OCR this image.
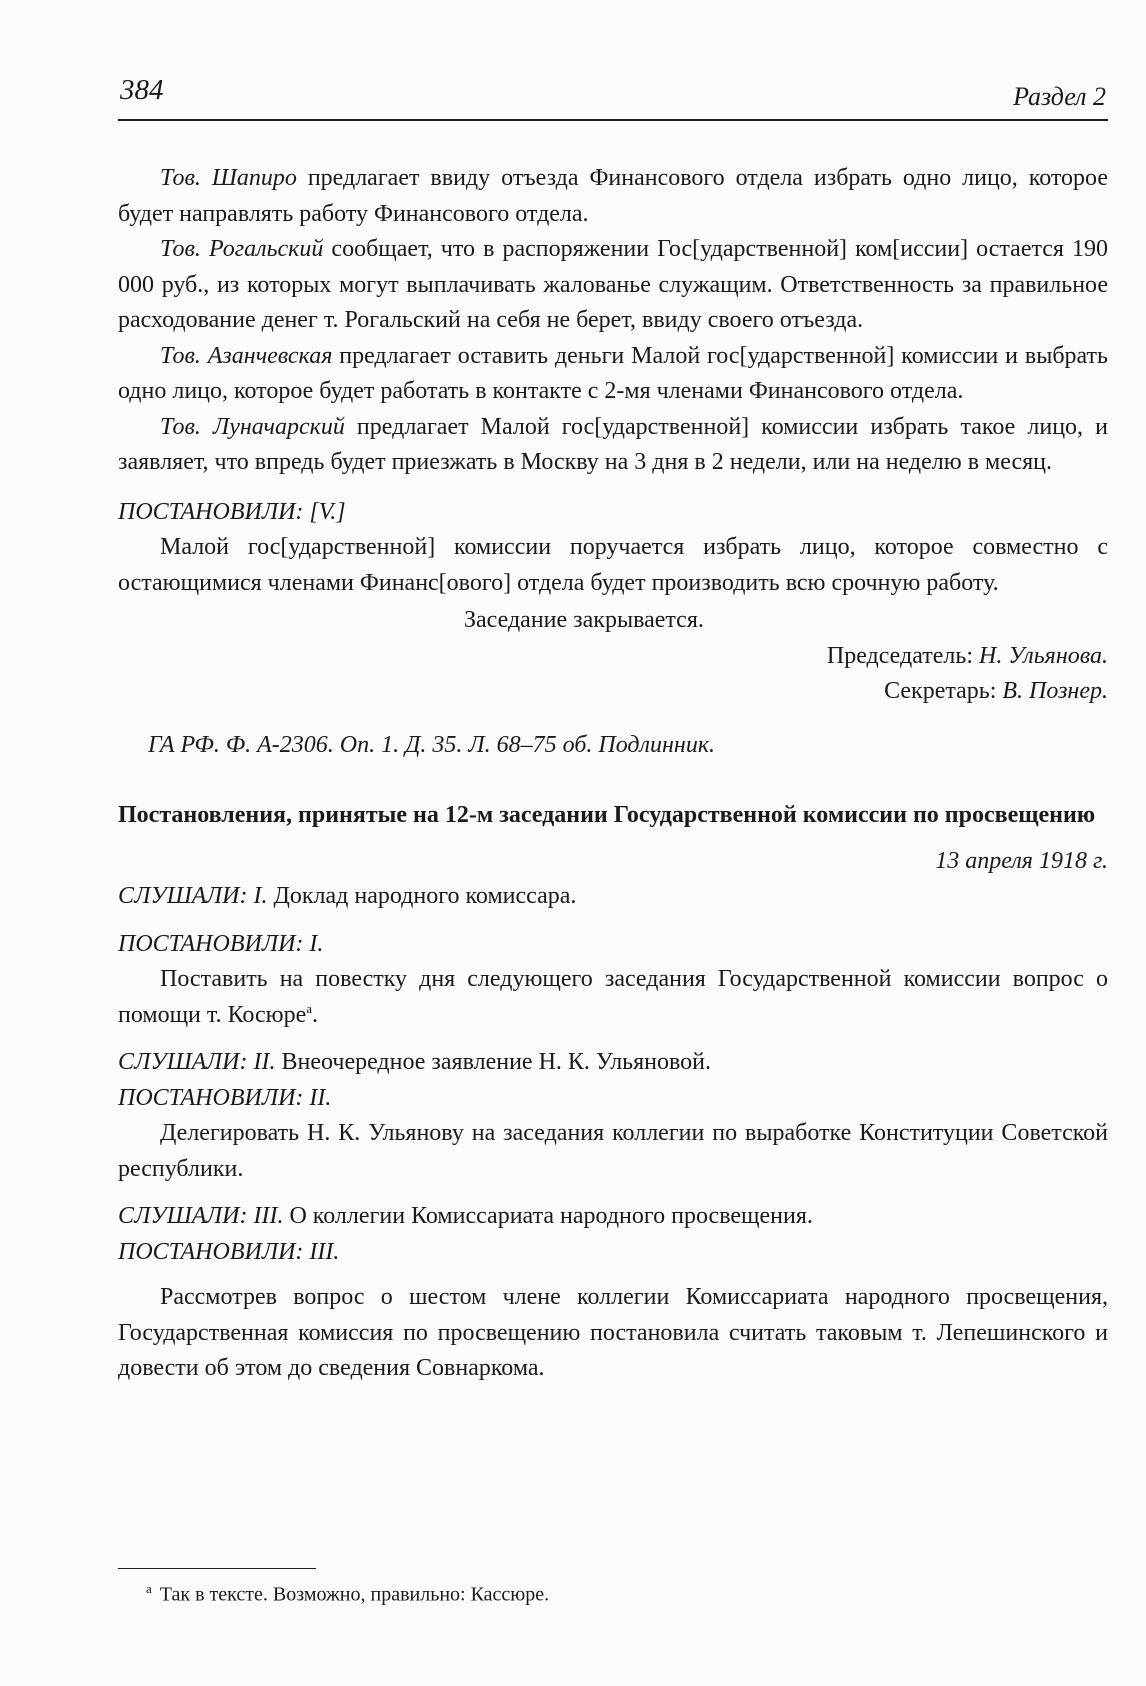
384	Раздел 2

Тов. Шапиро предлагает ввиду отъезда Финансового отдела избрать одно лицо, которое будет направлять работу Финансового отдела.

Тов. Рогальский сообщает, что в распоряжении Гос[ударственной] ком[иссии] остается 190 000 руб., из которых могут выплачивать жалованье служащим. Ответственность за правильное расходование денег т. Рогальский на себя не берет, ввиду своего отъезда.

Тов. Азанчевская предлагает оставить деньги Малой гос[ударственной] комиссии и выбрать одно лицо, которое будет работать в контакте с 2-мя членами Финансового отдела.

Тов. Луначарский предлагает Малой гос[ударственной] комиссии избрать такое лицо, и заявляет, что впредь будет приезжать в Москву на 3 дня в 2 недели, или на неделю в месяц.

ПОСТАНОВИЛИ: [V.]

Малой гос[ударственной] комиссии поручается избрать лицо, которое совместно с остающимися членами Финанс[ового] отдела будет производить всю срочную работу.

Заседание закрывается.

Председатель: Н. Ульянова.

Секретарь: В. Познер.

ГА РФ. Ф. А-2306. Оп. 1. Д. 35. Л. 68–75 об. Подлинник.

Постановления, принятые на 12-м заседании Государственной комиссии по просвещению

13 апреля 1918 г.

СЛУШАЛИ: I. Доклад народного комиссара.

ПОСТАНОВИЛИ: I.

Поставить на повестку дня следующего заседания Государственной комиссии вопрос о помощи т. Косюре$^а$.

СЛУШАЛИ: II. Внеочередное заявление Н. К. Ульяновой.

ПОСТАНОВИЛИ: II.

Делегировать Н. К. Ульянову на заседания коллегии по выработке Конституции Советской республики.

СЛУШАЛИ: III. О коллегии Комиссариата народного просвещения.

ПОСТАНОВИЛИ: III.

Рассмотрев вопрос о шестом члене коллегии Комиссариата народного просвещения, Государственная комиссия по просвещению постановила считать таковым т. Лепешинского и довести об этом до сведения Совнаркома.

$^а$ Так в тексте. Возможно, правильно: Кассюре.
